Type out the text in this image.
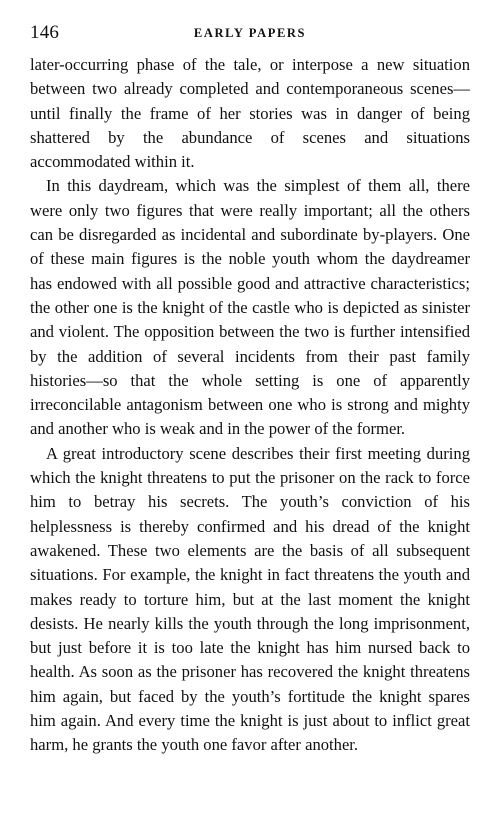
146	EARLY PAPERS

later-occurring phase of the tale, or interpose a new situation between two already completed and contemporaneous scenes—until finally the frame of her stories was in danger of being shattered by the abundance of scenes and situations accommodated within it.

In this daydream, which was the simplest of them all, there were only two figures that were really important; all the others can be disregarded as incidental and subordinate by-players. One of these main figures is the noble youth whom the daydreamer has endowed with all possible good and attractive characteristics; the other one is the knight of the castle who is depicted as sinister and violent. The opposition between the two is further intensified by the addition of several incidents from their past family histories—so that the whole setting is one of apparently irreconcilable antagonism between one who is strong and mighty and another who is weak and in the power of the former.

A great introductory scene describes their first meeting during which the knight threatens to put the prisoner on the rack to force him to betray his secrets. The youth’s conviction of his helplessness is thereby confirmed and his dread of the knight awakened. These two elements are the basis of all subsequent situations. For example, the knight in fact threatens the youth and makes ready to torture him, but at the last moment the knight desists. He nearly kills the youth through the long imprisonment, but just before it is too late the knight has him nursed back to health. As soon as the prisoner has recovered the knight threatens him again, but faced by the youth’s fortitude the knight spares him again. And every time the knight is just about to inflict great harm, he grants the youth one favor after another.
